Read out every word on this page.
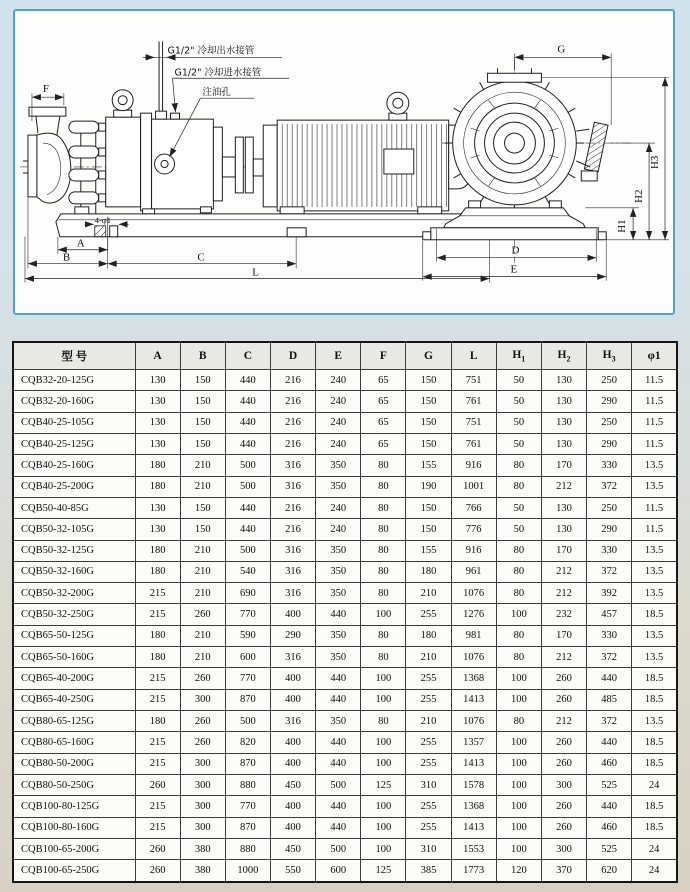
4-φ1
F
A
B	C
L
G1/2" 冷却出水接管
G1/2" 冷却进水接管
注油孔
G
H1
H2
H3
D
E
型 号	A	B	C	D	E	F	G	L	$H_1$	$H_2$	$H_3$	φ1
CQB32-20-125G	130	150	440	216	240	65	150	751	50	130	250	11.5
CQB32-20-160G	130	150	440	216	240	65	150	761	50	130	290	11.5
CQB40-25-105G	130	150	440	216	240	65	150	751	50	130	250	11.5
CQB40-25-125G	130	150	440	216	240	65	150	761	50	130	290	11.5
CQB40-25-160G	180	210	500	316	350	80	155	916	80	170	330	13.5
CQB40-25-200G	180	210	500	316	350	80	190	1001	80	212	372	13.5
CQB50-40-85G	130	150	440	216	240	80	150	766	50	130	250	11.5
CQB50-32-105G	130	150	440	216	240	80	150	776	50	130	290	11.5
CQB50-32-125G	180	210	500	316	350	80	155	916	80	170	330	13.5
CQB50-32-160G	180	210	540	316	350	80	180	961	80	212	372	13.5
CQB50-32-200G	215	210	690	316	350	80	210	1076	80	212	392	13.5
CQB50-32-250G	215	260	770	400	440	100	255	1276	100	232	457	18.5
CQB65-50-125G	180	210	590	290	350	80	180	981	80	170	330	13.5
CQB65-50-160G	180	210	600	316	350	80	210	1076	80	212	372	13.5
CQB65-40-200G	215	260	770	400	440	100	255	1368	100	260	440	18.5
CQB65-40-250G	215	300	870	400	440	100	255	1413	100	260	485	18.5
CQB80-65-125G	180	260	500	316	350	80	210	1076	80	212	372	13.5
CQB80-65-160G	215	260	820	400	440	100	255	1357	100	260	440	18.5
CQB80-50-200G	215	300	870	400	440	100	255	1413	100	260	460	18.5
CQB80-50-250G	260	300	880	450	500	125	310	1578	100	300	525	24
CQB100-80-125G	215	300	770	400	440	100	255	1368	100	260	440	18.5
CQB100-80-160G	215	300	870	400	440	100	255	1413	100	260	460	18.5
CQB100-65-200G	260	380	880	450	500	100	310	1553	100	300	525	24
CQB100-65-250G	260	380	1000	550	600	125	385	1773	120	370	620	24
